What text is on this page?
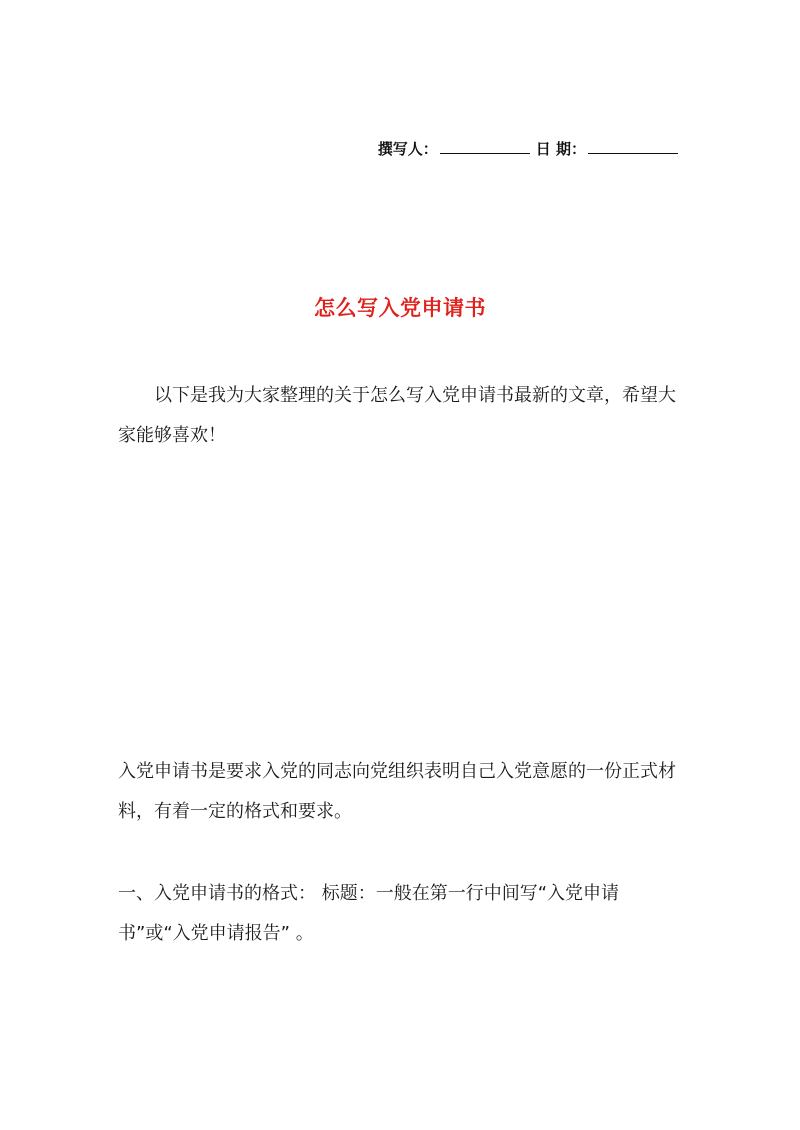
撰写人：	日 期：
怎么写入党申请书
以下是我为大家整理的关于怎么写入党申请书最新的文章，希望大家能够喜欢！
入党申请书是要求入党的同志向党组织表明自己入党意愿的一份正式材料，有着一定的格式和要求。
一、入党申请书的格式： 标题：一般在第一行中间写“入党申请书”或“入党申请报告” 。
